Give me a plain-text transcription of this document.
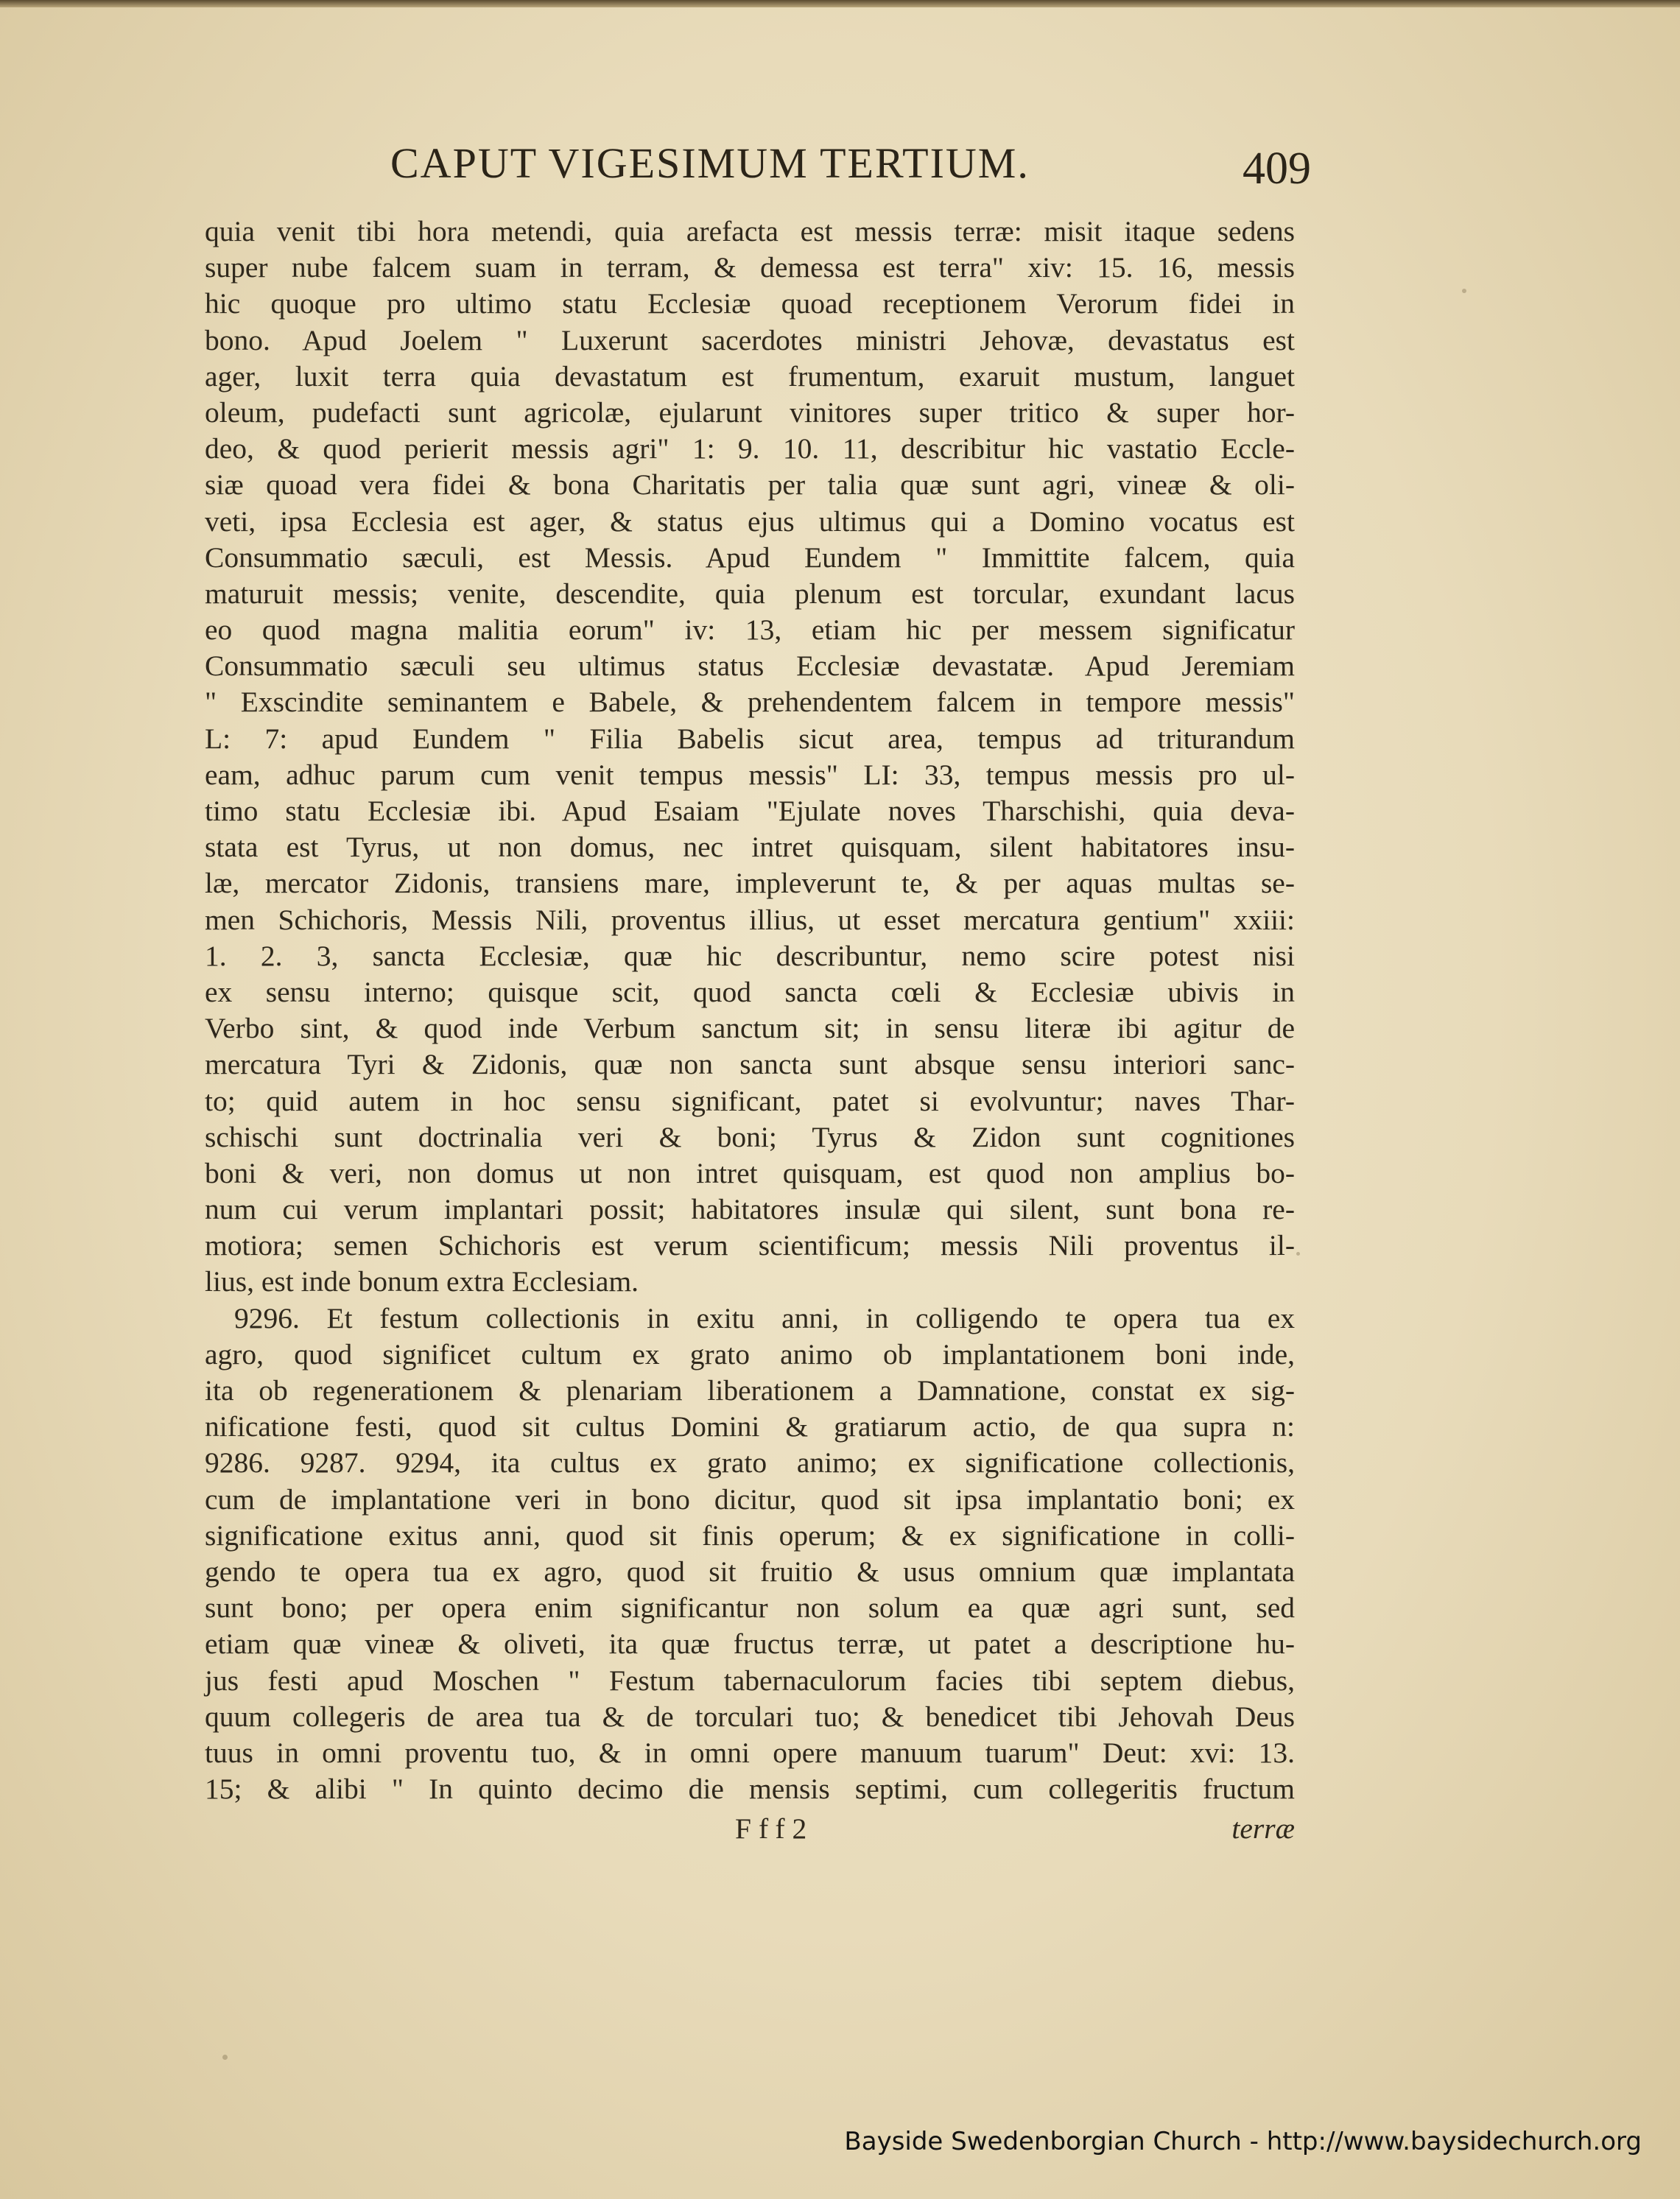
CAPUT VIGESIMUM TERTIUM.	409
quia venit tibi hora metendi, quia arefacta est messis terræ: misit itaque sedens
super nube falcem suam in terram, & demessa est terra" xiv: 15. 16, messis
hic quoque pro ultimo statu Ecclesiæ quoad receptionem Verorum fidei in
bono. Apud Joelem " Luxerunt sacerdotes ministri Jehovæ, devastatus est
ager, luxit terra quia devastatum est frumentum, exaruit mustum, languet
oleum, pudefacti sunt agricolæ, ejularunt vinitores super tritico & super hor-
deo, & quod perierit messis agri" 1: 9. 10. 11, describitur hic vastatio Eccle-
siæ quoad vera fidei & bona Charitatis per talia quæ sunt agri, vineæ & oli-
veti, ipsa Ecclesia est ager, & status ejus ultimus qui a Domino vocatus est
Consummatio sæculi, est Messis. Apud Eundem " Immittite falcem, quia
maturuit messis; venite, descendite, quia plenum est torcular, exundant lacus
eo quod magna malitia eorum" iv: 13, etiam hic per messem significatur
Consummatio sæculi seu ultimus status Ecclesiæ devastatæ. Apud Jeremiam
" Exscindite seminantem e Babele, & prehendentem falcem in tempore messis"
L: 7: apud Eundem " Filia Babelis sicut area, tempus ad triturandum
eam, adhuc parum cum venit tempus messis" LI: 33, tempus messis pro ul-
timo statu Ecclesiæ ibi. Apud Esaiam "Ejulate noves Tharschishi, quia deva-
stata est Tyrus, ut non domus, nec intret quisquam, silent habitatores insu-
læ, mercator Zidonis, transiens mare, impleverunt te, & per aquas multas se-
men Schichoris, Messis Nili, proventus illius, ut esset mercatura gentium" xxiii:
1. 2. 3, sancta Ecclesiæ, quæ hic describuntur, nemo scire potest nisi
ex sensu interno; quisque scit, quod sancta cœli & Ecclesiæ ubivis in
Verbo sint, & quod inde Verbum sanctum sit; in sensu literæ ibi agitur de
mercatura Tyri & Zidonis, quæ non sancta sunt absque sensu interiori sanc-
to; quid autem in hoc sensu significant, patet si evolvuntur; naves Thar-
schischi sunt doctrinalia veri & boni; Tyrus & Zidon sunt cognitiones
boni & veri, non domus ut non intret quisquam, est quod non amplius bo-
num cui verum implantari possit; habitatores insulæ qui silent, sunt bona re-
motiora; semen Schichoris est verum scientificum; messis Nili proventus il-
lius, est inde bonum extra Ecclesiam.
9296. Et festum collectionis in exitu anni, in colligendo te opera tua ex
agro, quod significet cultum ex grato animo ob implantationem boni inde,
ita ob regenerationem & plenariam liberationem a Damnatione, constat ex sig-
nificatione festi, quod sit cultus Domini & gratiarum actio, de qua supra n:
9286. 9287. 9294, ita cultus ex grato animo; ex significatione collectionis,
cum de implantatione veri in bono dicitur, quod sit ipsa implantatio boni; ex
significatione exitus anni, quod sit finis operum; & ex significatione in colli-
gendo te opera tua ex agro, quod sit fruitio & usus omnium quæ implantata
sunt bono; per opera enim significantur non solum ea quæ agri sunt, sed
etiam quæ vineæ & oliveti, ita quæ fructus terræ, ut patet a descriptione hu-
jus festi apud Moschen " Festum tabernaculorum facies tibi septem diebus,
quum collegeris de area tua & de torculari tuo; & benedicet tibi Jehovah Deus
tuus in omni proventu tuo, & in omni opere manuum tuarum" Deut: xvi: 13.
15; & alibi " In quinto decimo die mensis septimi, cum collegeritis fructum
Fff2	terræ
Bayside Swedenborgian Church - http://www.baysidechurch.org
